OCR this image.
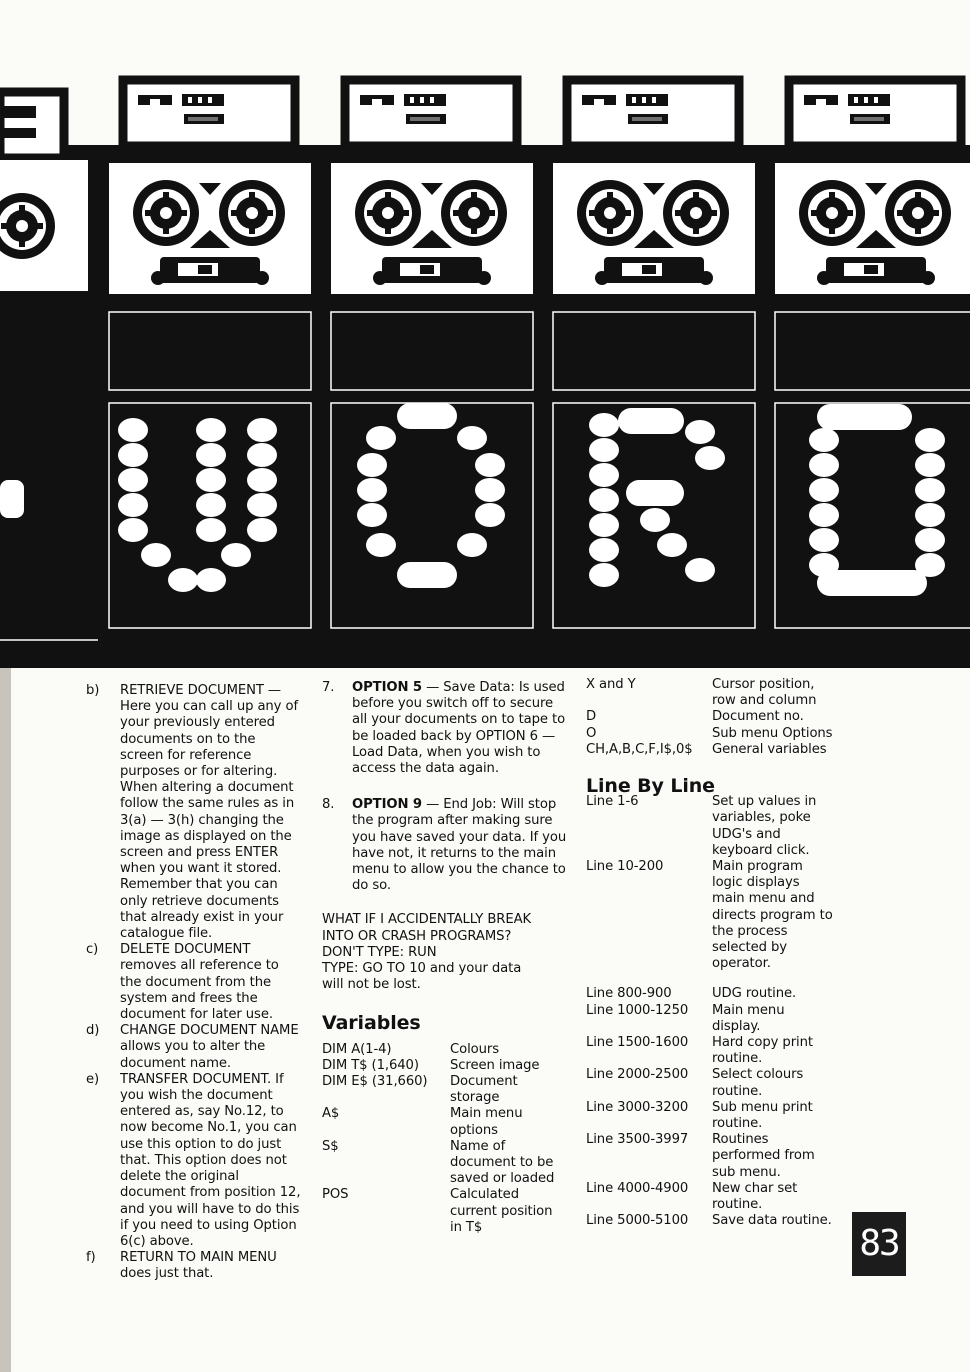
b)	RETRIEVE DOCUMENT — Here you can call up any of your previously entered documents on to the screen for reference purposes or for altering. When altering a document follow the same rules as in 3(a) — 3(h) changing the image as displayed on the screen and press ENTER when you want it stored. Remember that you can only retrieve documents that already exist in your catalogue file.
c)	DELETE DOCUMENT removes all reference to the document from the system and frees the document for later use.
d)	CHANGE DOCUMENT NAME allows you to alter the document name.
e)	TRANSFER DOCUMENT. If you wish the document entered as, say No.12, to now become No.1, you can use this option to do just that. This option does not delete the original document from position 12, and you will have to do this if you need to using Option 6(c) above.
f)	RETURN TO MAIN MENU does just that.
7.	OPTION 5 — Save Data: Is used before you switch off to secure all your documents on to tape to be loaded back by OPTION 6 — Load Data, when you wish to access the data again.
8.	OPTION 9 — End Job: Will stop the program after making sure you have saved your data. If you have not, it returns to the main menu to allow you the chance to do so.
WHAT IF I ACCIDENTALLY BREAK
INTO OR CRASH PROGRAMS?
DON'T TYPE: RUN
TYPE: GO TO 10 and your data
will not be lost.
Variables
DIM A(1-4)	Colours
DIM T$ (1,640)	Screen image
DIM E$ (31,660)	Document storage
A$	Main menu options
S$	Name of document to be saved or loaded
POS	Calculated current position in T$
X and Y	Cursor position, row and column
D	Document no.
O	Sub menu Options
CH,A,B,C,F,I$,0$	General variables
Line By Line
Line 1-6	Set up values in variables, poke UDG's and keyboard click.
Line 10-200	Main program logic displays main menu and directs program to the process selected by operator.
Line 800-900	UDG routine.
Line 1000-1250	Main menu display.
Line 1500-1600	Hard copy print routine.
Line 2000-2500	Select colours routine.
Line 3000-3200	Sub menu print routine.
Line 3500-3997	Routines performed from sub menu.
Line 4000-4900	New char set routine.
Line 5000-5100	Save data routine.
83
